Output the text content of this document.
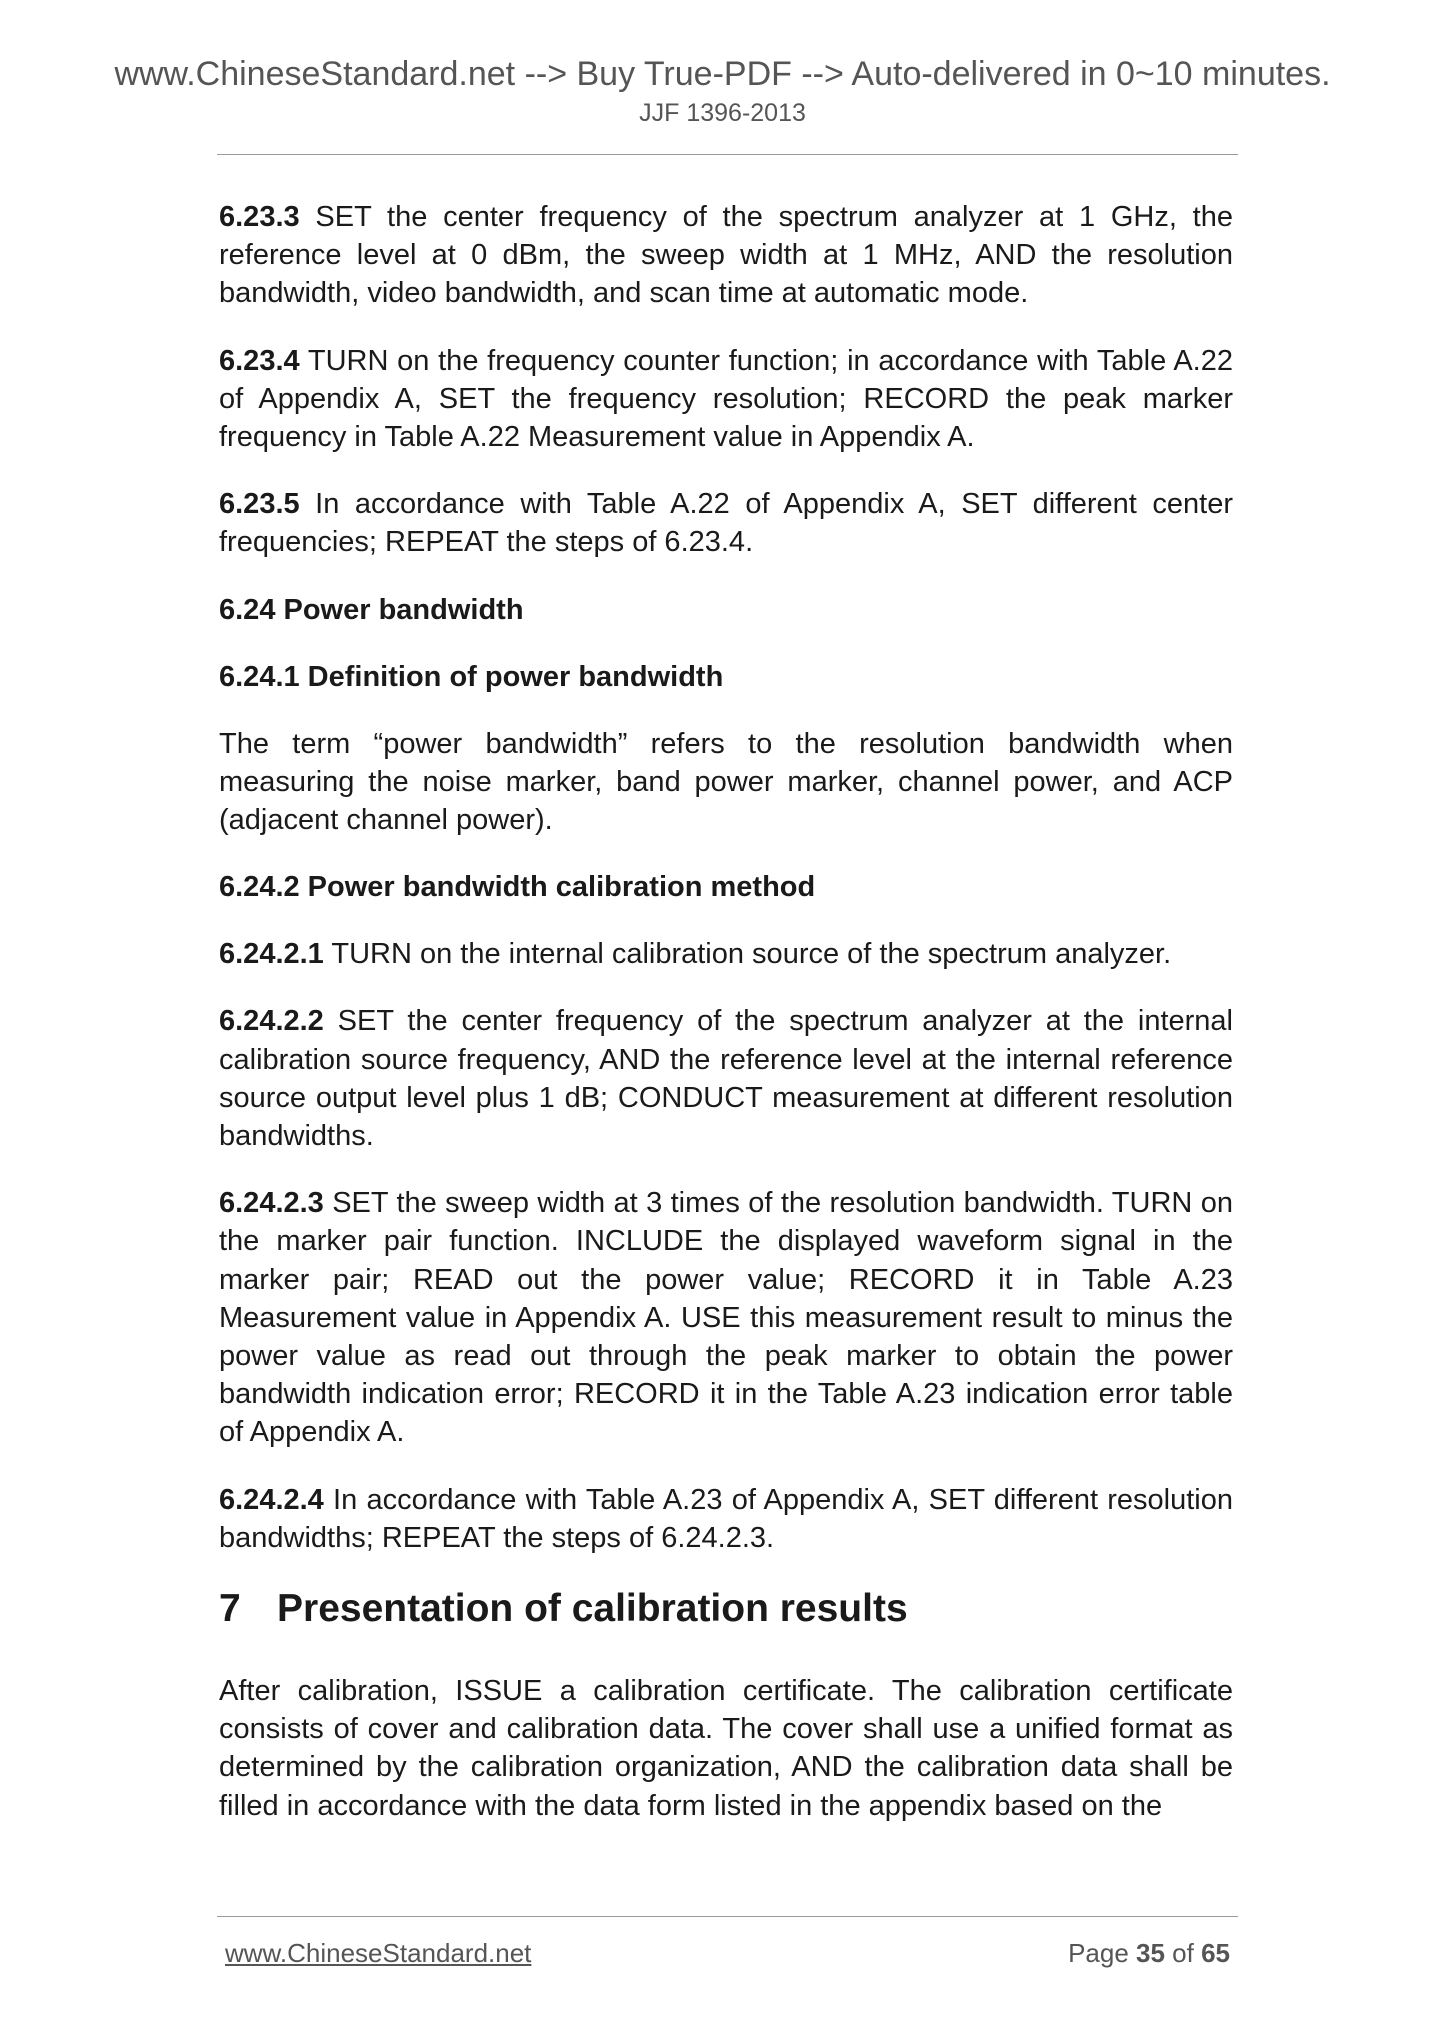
www.ChineseStandard.net --> Buy True-PDF --> Auto-delivered in 0~10 minutes.
JJF 1396-2013

6.23.3 SET the center frequency of the spectrum analyzer at 1 GHz, the reference level at 0 dBm, the sweep width at 1 MHz, AND the resolution bandwidth, video bandwidth, and scan time at automatic mode.

6.23.4 TURN on the frequency counter function; in accordance with Table A.22 of Appendix A, SET the frequency resolution; RECORD the peak marker frequency in Table A.22 Measurement value in Appendix A.

6.23.5 In accordance with Table A.22 of Appendix A, SET different center frequencies; REPEAT the steps of 6.23.4.

6.24 Power bandwidth
6.24.1 Definition of power bandwidth

The term “power bandwidth” refers to the resolution bandwidth when measuring the noise marker, band power marker, channel power, and ACP (adjacent channel power).

6.24.2 Power bandwidth calibration method

6.24.2.1 TURN on the internal calibration source of the spectrum analyzer.

6.24.2.2 SET the center frequency of the spectrum analyzer at the internal calibration source frequency, AND the reference level at the internal reference source output level plus 1 dB; CONDUCT measurement at different resolution bandwidths.

6.24.2.3 SET the sweep width at 3 times of the resolution bandwidth. TURN on the marker pair function. INCLUDE the displayed waveform signal in the marker pair; READ out the power value; RECORD it in Table A.23 Measurement value in Appendix A. USE this measurement result to minus the power value as read out through the peak marker to obtain the power bandwidth indication error; RECORD it in the Table A.23 indication error table of Appendix A.

6.24.2.4 In accordance with Table A.23 of Appendix A, SET different resolution bandwidths; REPEAT the steps of 6.24.2.3.

7 Presentation of calibration results

After calibration, ISSUE a calibration certificate. The calibration certificate consists of cover and calibration data. The cover shall use a unified format as determined by the calibration organization, AND the calibration data shall be filled in accordance with the data form listed in the appendix based on the

www.ChineseStandard.net	Page 35 of 65
